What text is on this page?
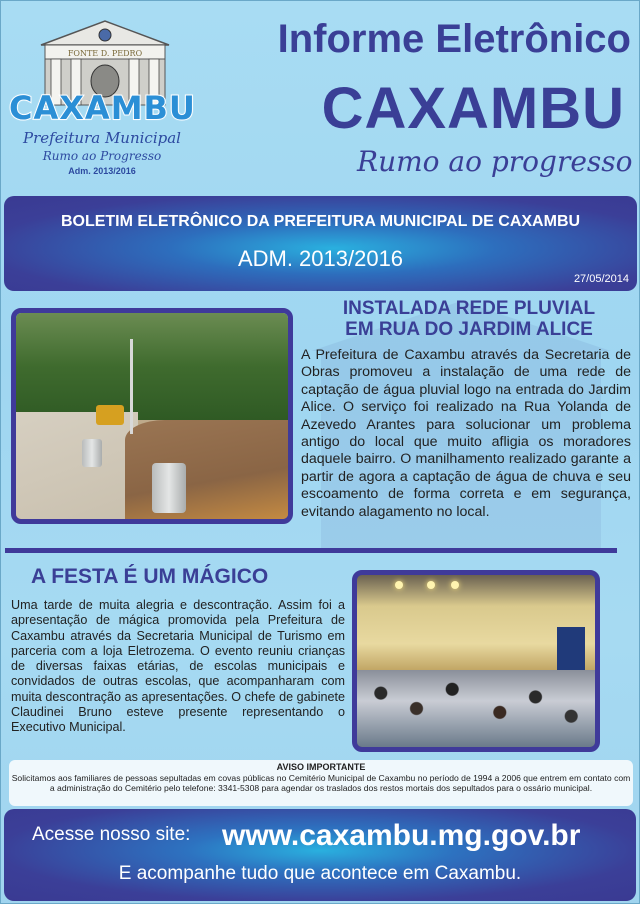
FONTE D. PEDRO
CAXAMBU
Prefeitura Municipal
Rumo ao Progresso
Adm. 2013/2016
Informe Eletrônico
CAXAMBU
Rumo ao progresso
BOLETIM ELETRÔNICO DA PREFEITURA MUNICIPAL DE CAXAMBU
ADM. 2013/2016
27/05/2014
INSTALADA REDE PLUVIAL
EM RUA DO JARDIM ALICE
A Prefeitura de Caxambu através da Secretaria de Obras promoveu a instalação de uma rede de captação de água pluvial logo na entrada do Jardim Alice. O serviço foi realizado na Rua Yolanda de Azevedo Arantes para solucionar um problema antigo do local que muito afligia os moradores daquele bairro. O manilhamento realizado garante a partir de agora a captação de água de chuva e seu escoamento de forma correta e em segurança, evitando alagamento no local.
A FESTA É UM MÁGICO
Uma tarde de muita alegria e descontração. Assim foi a apresentação de mágica promovida pela Prefeitura de Caxambu através da Secretaria Municipal de Turismo em parceria com a loja Eletrozema. O evento reuniu crianças de diversas faixas etárias, de escolas municipais e convidados de outras escolas, que acompanharam com muita descontração as apresentações. O chefe de gabinete Claudinei Bruno esteve presente representando o Executivo Municipal.
AVISO IMPORTANTE
Solicitamos aos familiares de pessoas sepultadas em covas públicas no Cemitério Municipal de Caxambu no período de 1994 a 2006 que entrem em contato com a administração do Cemitério pelo telefone: 3341-5308 para agendar os traslados dos restos mortais dos sepultados para o ossário municipal.
Acesse nosso site: www.caxambu.mg.gov.br
E acompanhe tudo que acontece em Caxambu.
